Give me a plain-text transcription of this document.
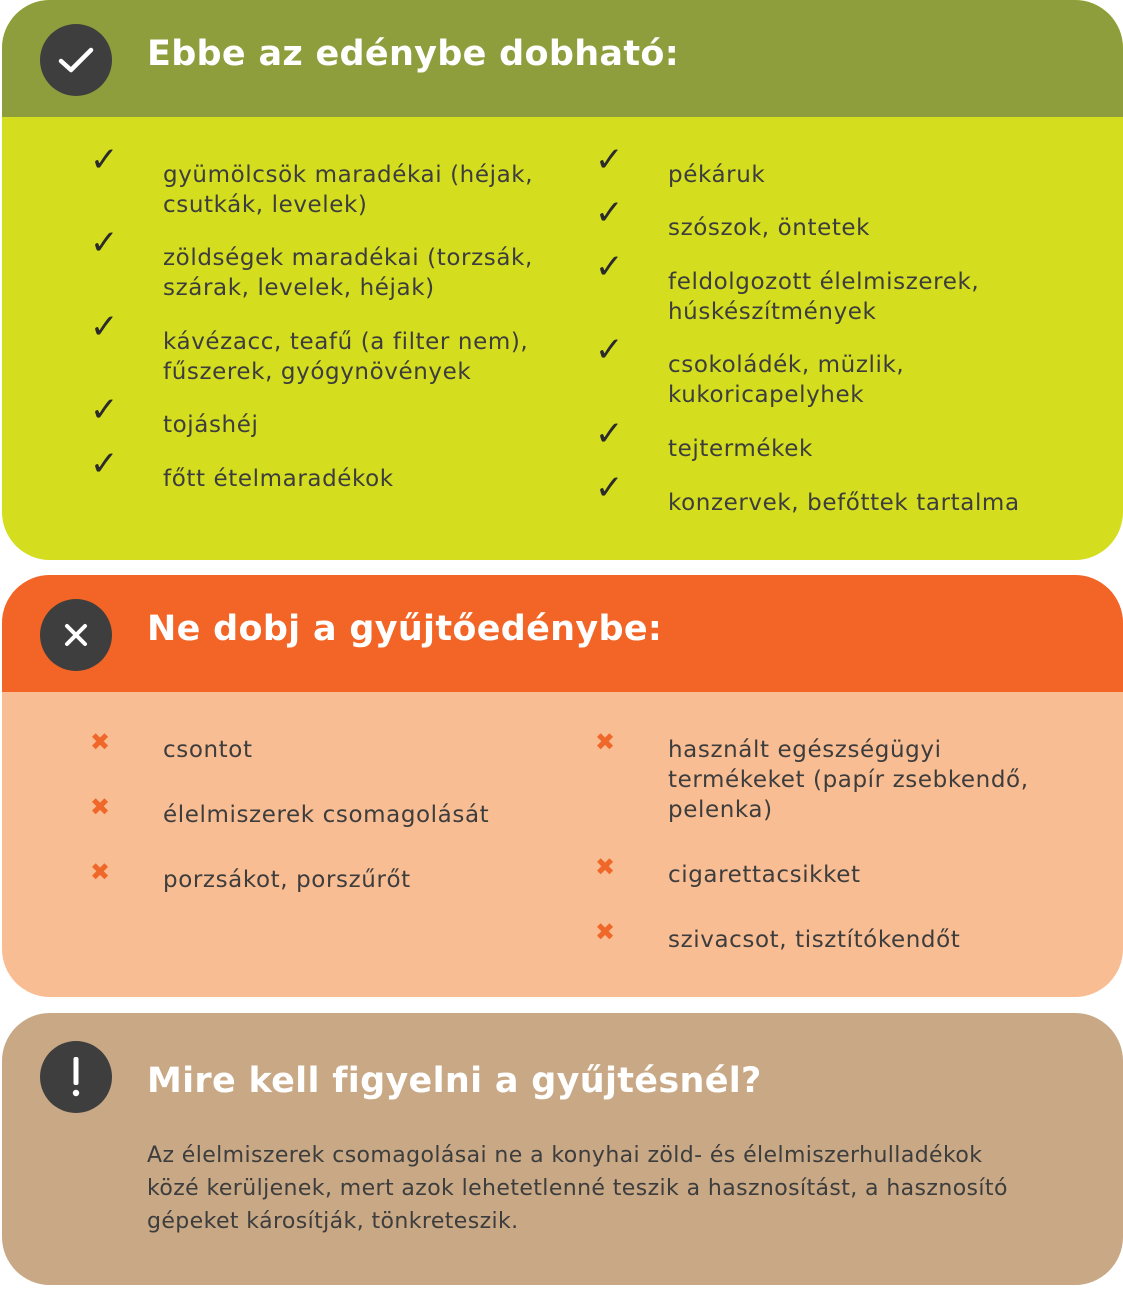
Ebbe az edénybe dobható:
✓ gyümölcsök maradékai (héjak,
csutkák, levelek)
✓ zöldségek maradékai (torzsák,
szárak, levelek, héjak)
✓ kávézacc, teafű (a filter nem),
fűszerek, gyógynövények
✓ tojáshéj
✓ főtt ételmaradékok
✓ pékáruk
✓ szószok, öntetek
✓ feldolgozott élelmiszerek,
húskészítmények
✓ csokoládék, müzlik,
kukoricapelyhek
✓ tejtermékek
✓ konzervek, befőttek tartalma
Ne dobj a gyűjtőedénybe:
✖ csontot
✖ élelmiszerek csomagolását
✖ porzsákot, porszűrőt
✖ használt egészségügyi
termékeket (papír zsebkendő,
pelenka)
✖ cigarettacsikket
✖ szivacsot, tisztítókendőt
Mire kell figyelni a gyűjtésnél?

Az élelmiszerek csomagolásai ne a konyhai zöld- és élelmiszerhulladékok
közé kerüljenek, mert azok lehetetlenné teszik a hasznosítást, a hasznosító
gépeket károsítják, tönkreteszik.
